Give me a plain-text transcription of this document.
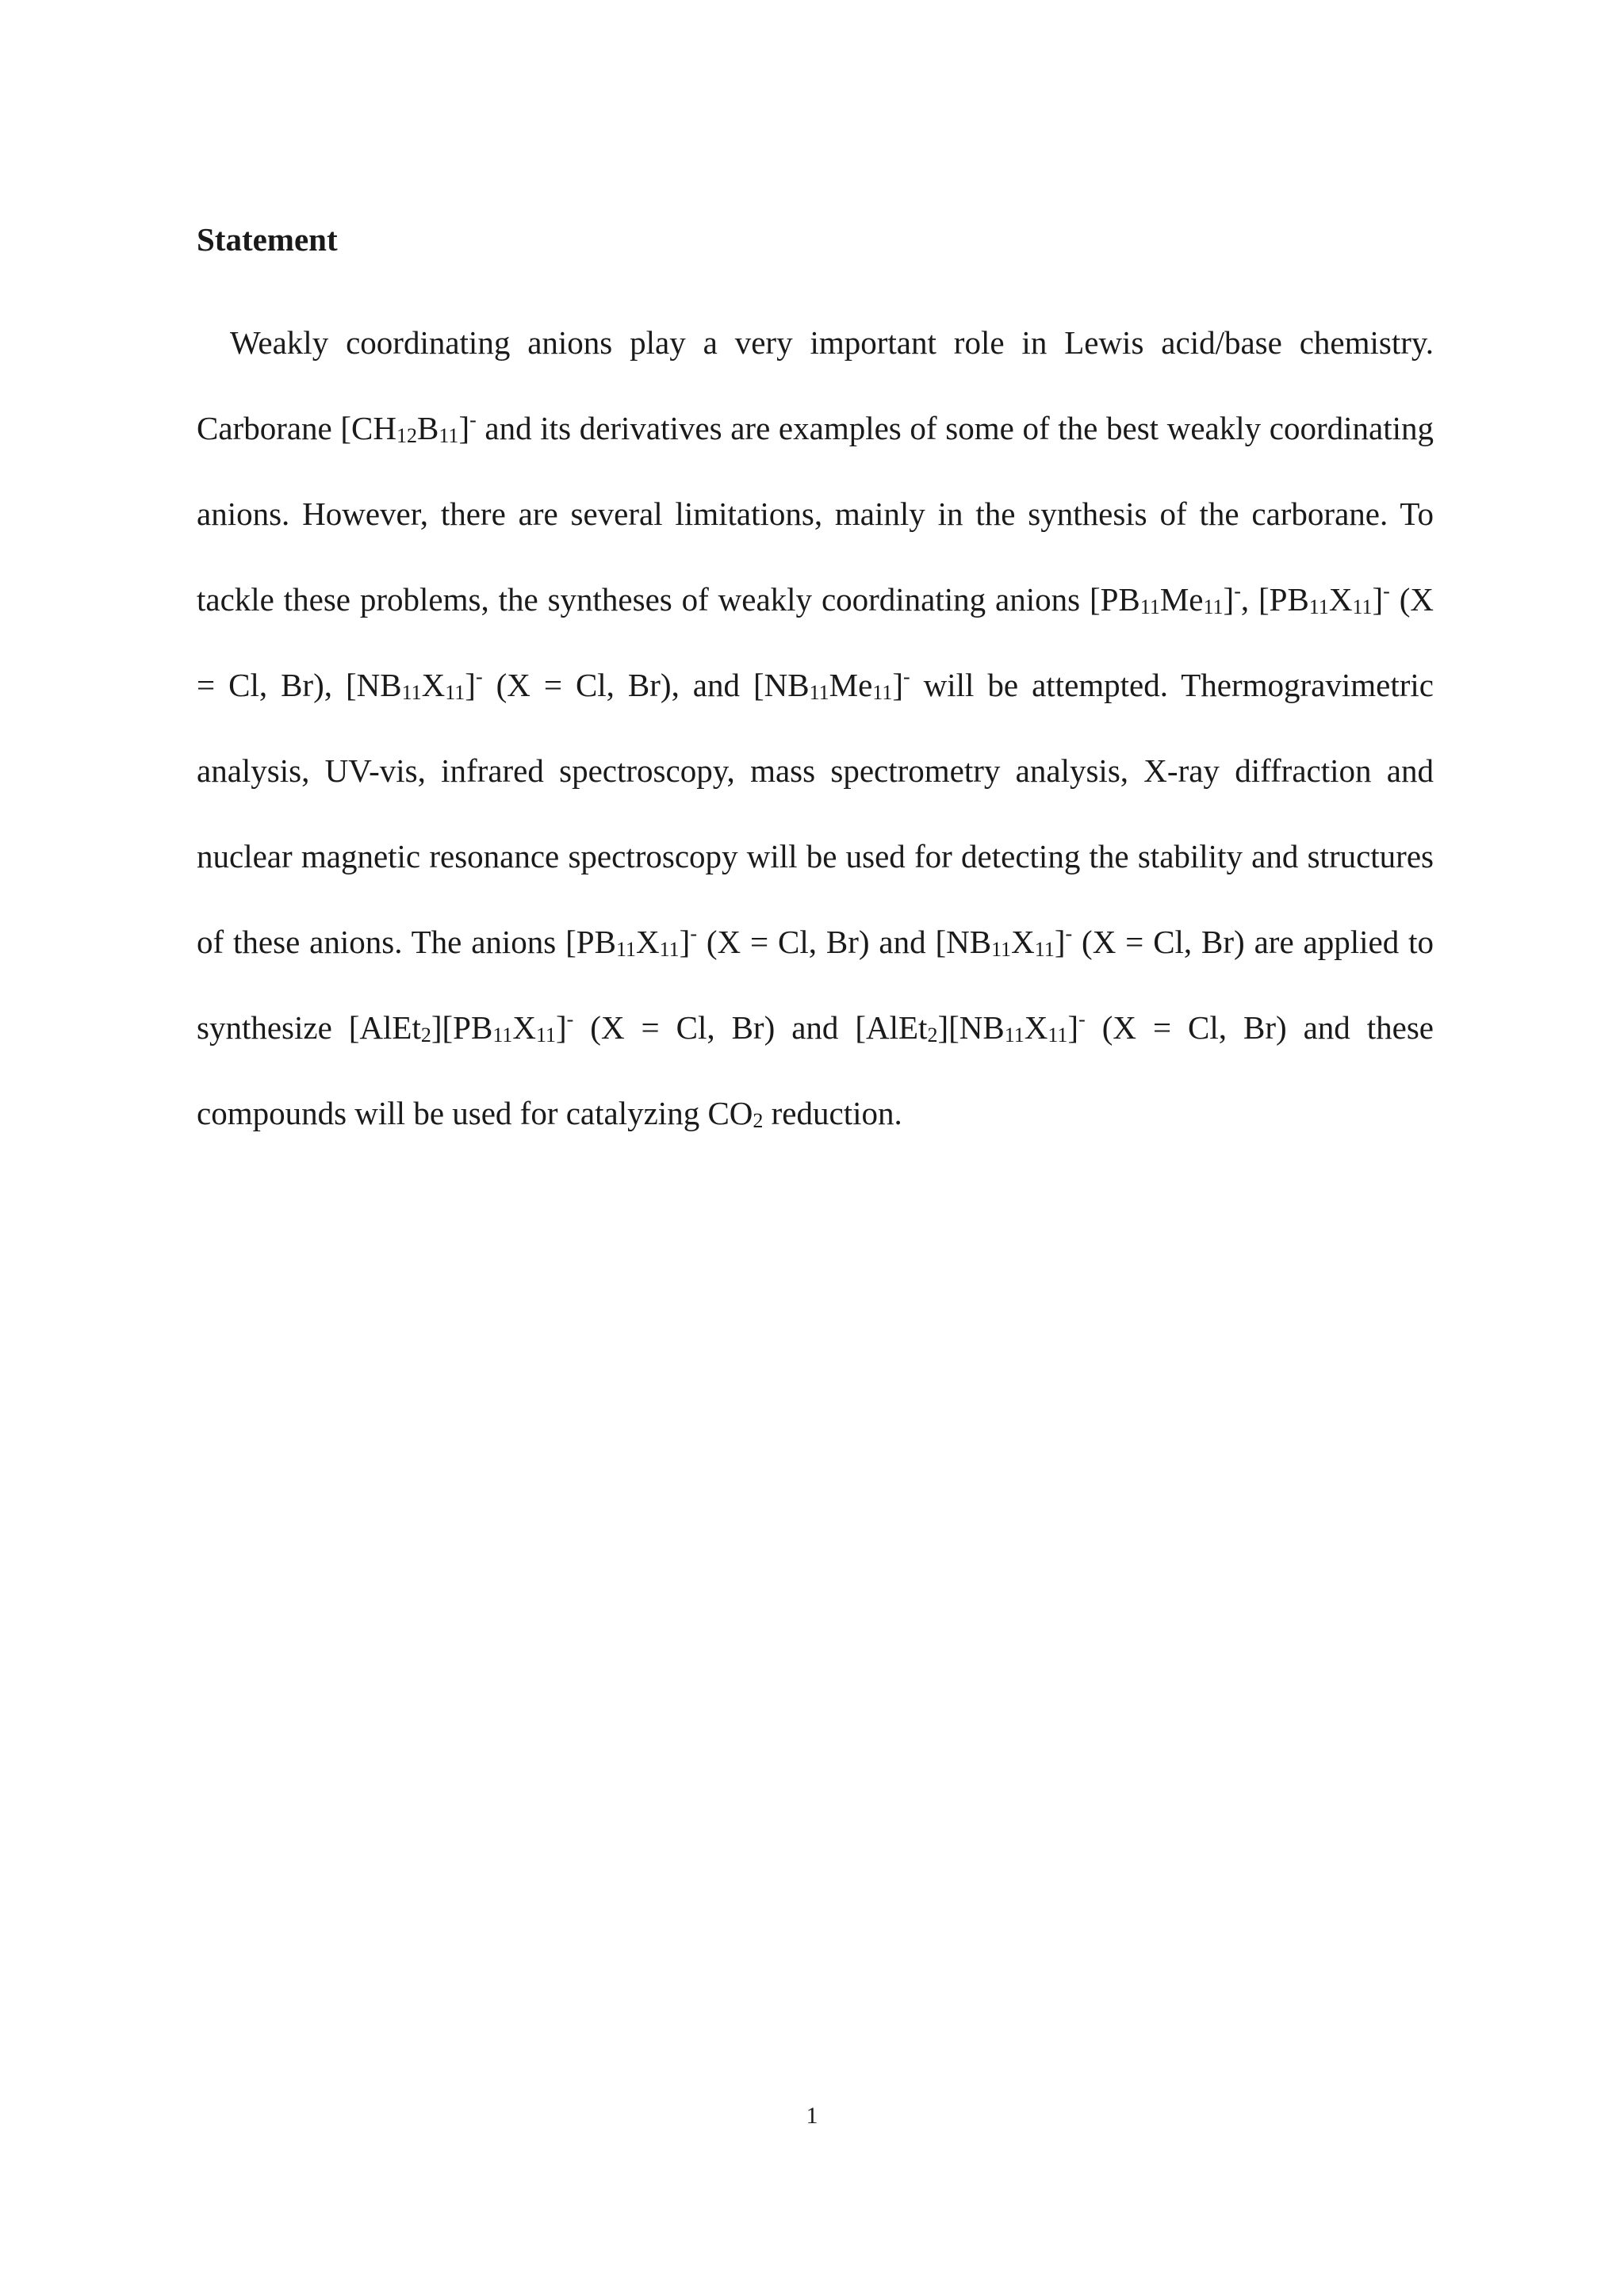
Statement

Weakly coordinating anions play a very important role in Lewis acid/base chemistry. Carborane $[CH_{12}B_{11}]^-$ and its derivatives are examples of some of the best weakly coordinating anions. However, there are several limitations, mainly in the synthesis of the carborane. To tackle these problems, the syntheses of weakly coordinating anions $[PB_{11}Me_{11}]^-$, $[PB_{11}X_{11}]^-$ (X = Cl, Br), $[NB_{11}X_{11}]^-$ (X = Cl, Br), and $[NB_{11}Me_{11}]^-$ will be attempted. Thermogravimetric analysis, UV-vis, infrared spectroscopy, mass spectrometry analysis, X-ray diffraction and nuclear magnetic resonance spectroscopy will be used for detecting the stability and structures of these anions. The anions $[PB_{11}X_{11}]^-$ (X = Cl, Br) and $[NB_{11}X_{11}]^-$ (X = Cl, Br) are applied to synthesize $[AlEt_2][PB_{11}X_{11}]^-$ (X = Cl, Br) and $[AlEt_2][NB_{11}X_{11}]^-$ (X = Cl, Br) and these compounds will be used for catalyzing $CO_2$ reduction.

1
